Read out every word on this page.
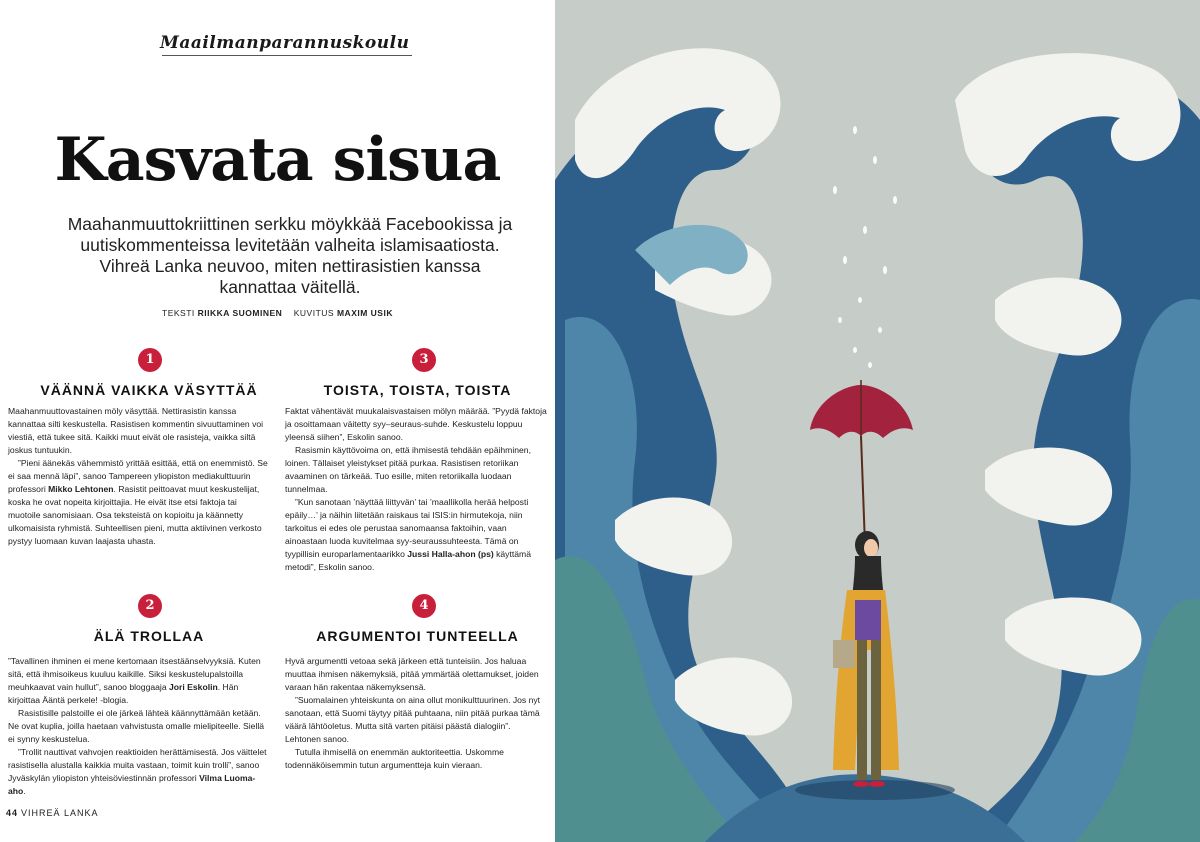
Maailmanparannuskoulu
Kasvata sisua

Maahanmuuttokriittinen serkku möykkää Facebookissa ja uutiskommenteissa levitetään valheita islamisaatiosta. Vihreä Lanka neuvoo, miten nettirasistien kanssa kannattaa väitellä.

TEKSTI RIIKKA SUOMINEN KUVITUS MAXIM USIK
1
VÄÄNNÄ VAIKKA VÄSYTTÄÄ

Maahanmuuttovastainen möly väsyttää. Nettirasistin kanssa kannattaa silti keskustella. Rasistisen kommentin sivuuttaminen voi viestiä, että tukee sitä. Kaikki muut eivät ole rasisteja, vaikka siltä joskus tuntuukin.

”Pieni äänekäs vähemmistö yrittää esittää, että on enemmistö. Se ei saa mennä läpi”, sanoo Tampereen yliopiston mediakulttuurin professori Mikko Lehtonen. Rasistit peittoavat muut keskustelijat, koska he ovat nopeita kirjoittajia. He eivät itse etsi faktoja tai muotoile sanomisiaan. Osa teksteistä on kopioitu ja käännetty ulkomaisista ryhmistä. Suhteellisen pieni, mutta aktiivinen verkosto pystyy luomaan kuvan laajasta uhasta.

2
ÄLÄ TROLLAA

”Tavallinen ihminen ei mene kertomaan itsestäänselvyyksiä. Kuten sitä, että ihmisoikeus kuuluu kaikille. Siksi keskustelupalstoilla meuhkaavat vain hullut”, sanoo bloggaaja Jori Eskolin. Hän kirjoittaa Ääntä perkele! -blogia.

Rasistisille palstoille ei ole järkeä lähteä käännyttämään ketään. Ne ovat kuplia, joilla haetaan vahvistusta omalle mielipiteelle. Siellä ei synny keskustelua.

”Trollit nauttivat vahvojen reaktioiden herättämisestä. Jos väittelet rasistisella alustalla kaikkia muita vastaan, toimit kuin trolli”, sanoo Jyväskylän yliopiston yhteisöviestinnän professori Vilma Luoma-aho.

3
TOISTA, TOISTA, TOISTA

Faktat vähentävät muukalaisvastaisen mölyn määrää. ”Pyydä faktoja ja osoittamaan väitetty syy–seuraus-suhde. Keskustelu loppuu yleensä siihen”, Eskolin sanoo.

Rasismin käyttövoima on, että ihmisestä tehdään epäihminen, loinen. Tällaiset yleistykset pitää purkaa. Rasistisen retoriikan avaaminen on tärkeää. Tuo esille, miten retoriikalla luodaan tunnelmaa.

”Kun sanotaan ’näyttää liittyvän’ tai ’maallikolla herää helposti epäily…’ ja näihin liitetään raiskaus tai ISIS:in hirmutekoja, niin tarkoitus ei edes ole perustaa sanomaansa faktoihin, vaan ainoastaan luoda kuvitelmaa syy-seuraussuhteesta. Tämä on tyypillisin europarlamentaarikko Jussi Halla-ahon (ps) käyttämä metodi”, Eskolin sanoo.

4
ARGUMENTOI TUNTEELLA

Hyvä argumentti vetoaa sekä järkeen että tunteisiin. Jos haluaa muuttaa ihmisen näkemyksiä, pitää ymmärtää olettamukset, joiden varaan hän rakentaa näkemyksensä.

”Suomalainen yhteiskunta on aina ollut monikulttuurinen. Jos nyt sanotaan, että Suomi täytyy pitää puhtaana, niin pitää purkaa tämä väärä lähtöoletus. Mutta sitä varten pitäisi päästä dialogiin”. Lehtonen sanoo.

Tutulla ihmisellä on enemmän auktoriteettia. Uskomme todennäköisemmin tutun argumentteja kuin vieraan.

44 VIHREÄ LANKA
